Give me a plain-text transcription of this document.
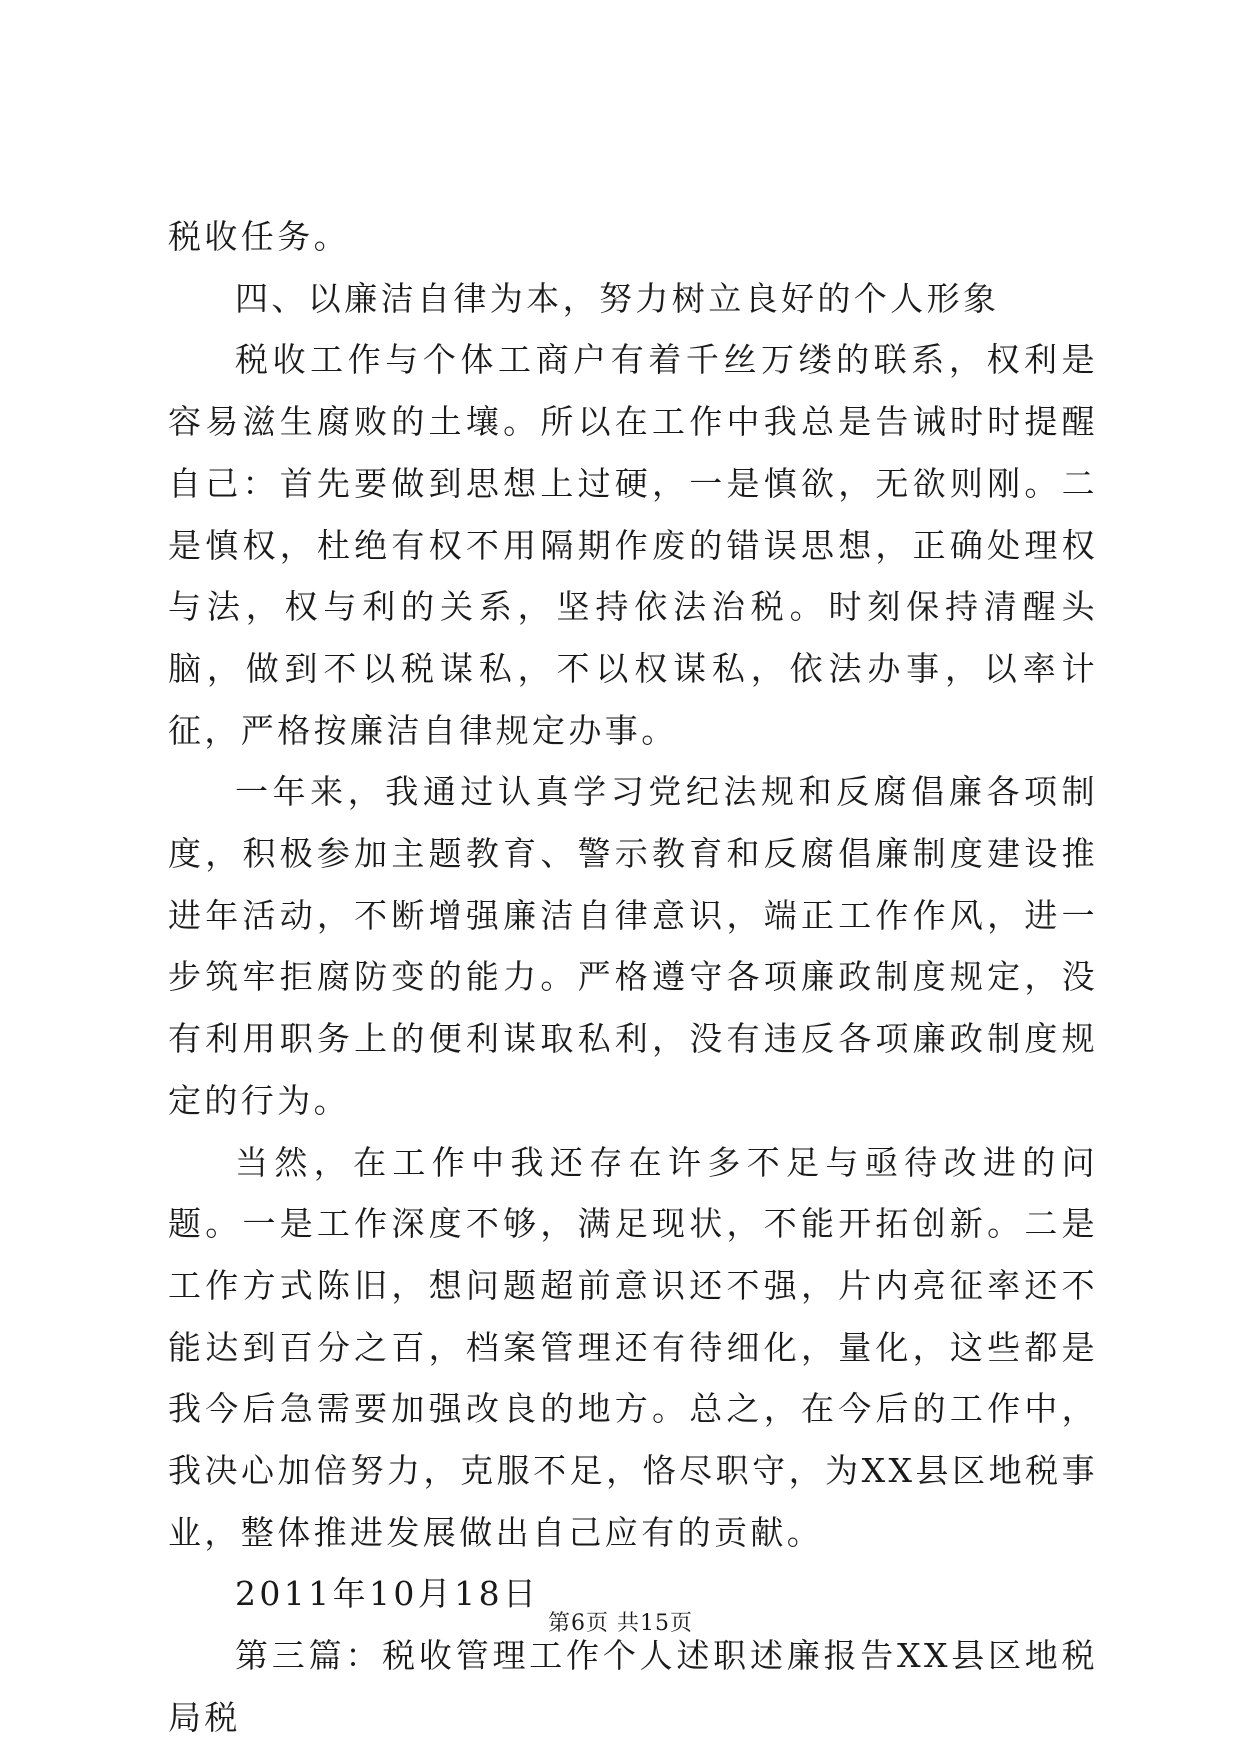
税收任务。

四、以廉洁自律为本，努力树立良好的个人形象

税收工作与个体工商户有着千丝万缕的联系，权利是容易滋生腐败的土壤。所以在工作中我总是告诫时时提醒自己：首先要做到思想上过硬，一是慎欲，无欲则刚。二是慎权，杜绝有权不用隔期作废的错误思想，正确处理权与法，权与利的关系，坚持依法治税。时刻保持清醒头脑，做到不以税谋私，不以权谋私，依法办事，以率计征，严格按廉洁自律规定办事。

一年来，我通过认真学习党纪法规和反腐倡廉各项制度，积极参加主题教育、警示教育和反腐倡廉制度建设推进年活动，不断增强廉洁自律意识，端正工作作风，进一步筑牢拒腐防变的能力。严格遵守各项廉政制度规定，没有利用职务上的便利谋取私利，没有违反各项廉政制度规定的行为。

当然，在工作中我还存在许多不足与亟待改进的问题。一是工作深度不够，满足现状，不能开拓创新。二是工作方式陈旧，想问题超前意识还不强，片内亮征率还不能达到百分之百，档案管理还有待细化，量化，这些都是我今后急需要加强改良的地方。总之，在今后的工作中，我决心加倍努力，克服不足，恪尽职守，为XX县区地税事业，整体推进发展做出自己应有的贡献。

2011年10月18日

第三篇：税收管理工作个人述职述廉报告XX县区地税局税

第6页 共15页
